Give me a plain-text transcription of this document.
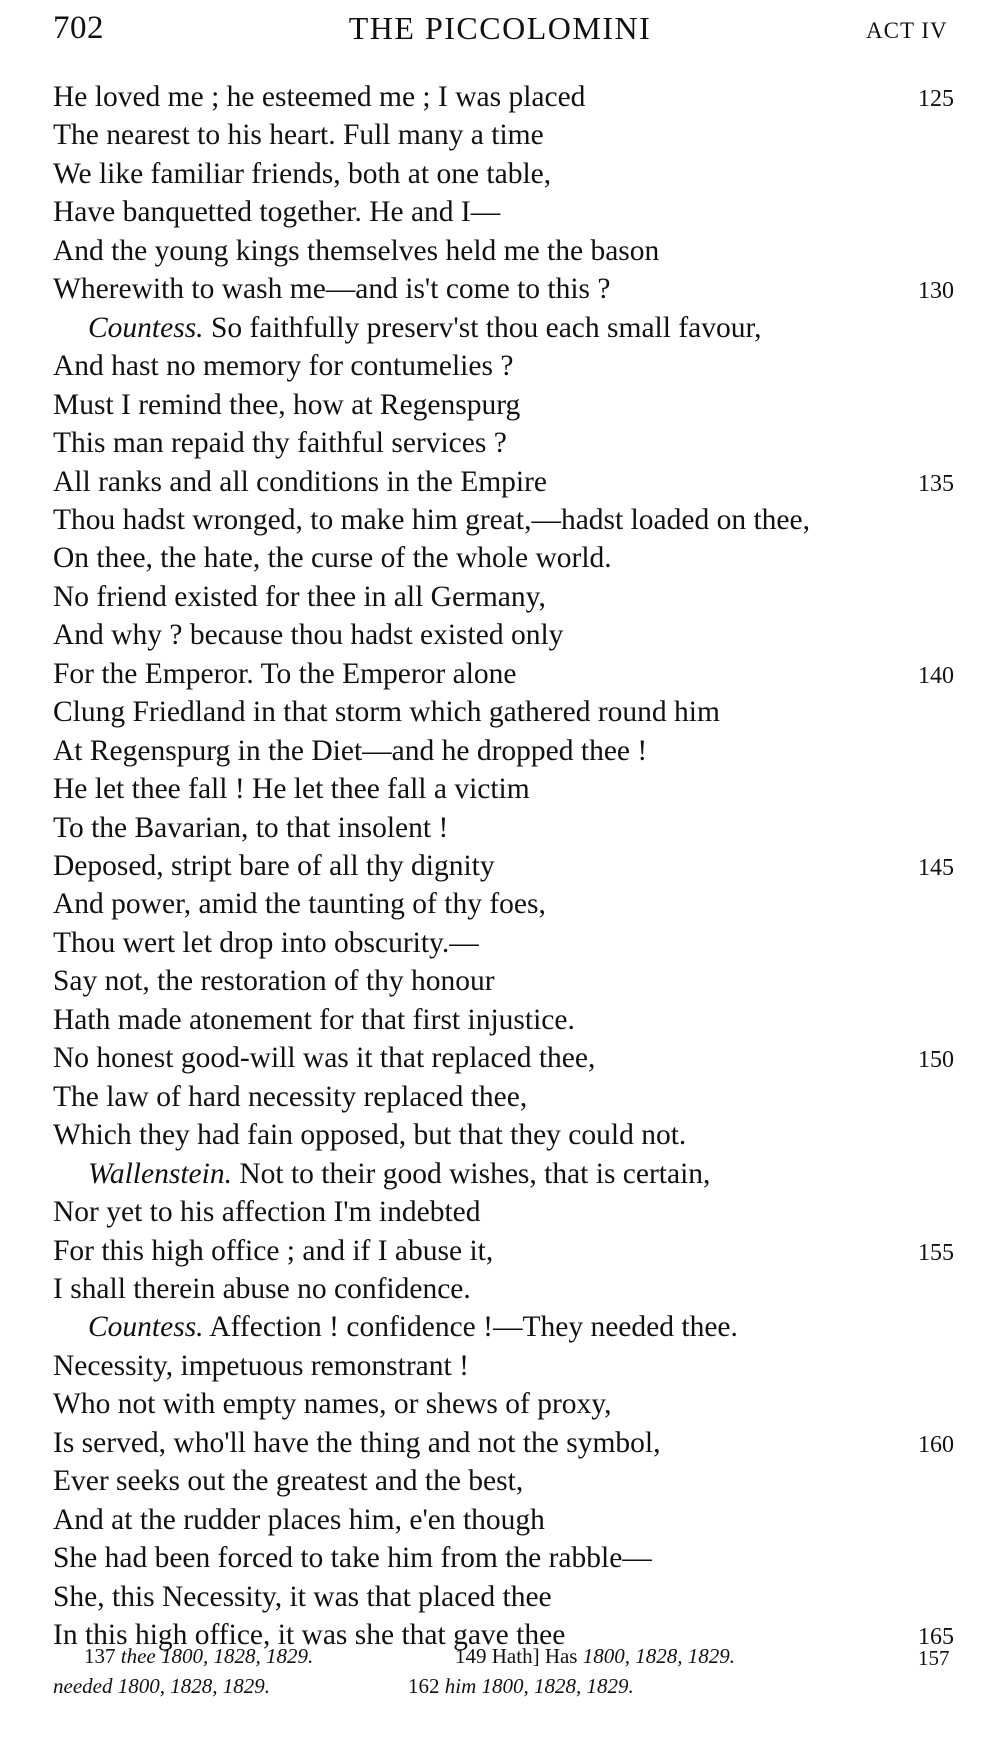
702	THE PICCOLOMINI	ACT IV
He loved me ; he esteemed me ; I was placed	125
The nearest to his heart. Full many a time
We like familiar friends, both at one table,
Have banquetted together. He and I—
And the young kings themselves held me the bason
Wherewith to wash me—and is't come to this ?	130
Countess. So faithfully preserv'st thou each small favour,
And hast no memory for contumelies ?
Must I remind thee, how at Regenspurg
This man repaid thy faithful services ?
All ranks and all conditions in the Empire	135
Thou hadst wronged, to make him great,—hadst loaded on thee,
On thee, the hate, the curse of the whole world.
No friend existed for thee in all Germany,
And why ? because thou hadst existed only
For the Emperor. To the Emperor alone	140
Clung Friedland in that storm which gathered round him
At Regenspurg in the Diet—and he dropped thee !
He let thee fall ! He let thee fall a victim
To the Bavarian, to that insolent !
Deposed, stript bare of all thy dignity	145
And power, amid the taunting of thy foes,
Thou wert let drop into obscurity.—
Say not, the restoration of thy honour
Hath made atonement for that first injustice.
No honest good-will was it that replaced thee,	150
The law of hard necessity replaced thee,
Which they had fain opposed, but that they could not.
Wallenstein. Not to their good wishes, that is certain,
Nor yet to his affection I'm indebted
For this high office ; and if I abuse it,	155
I shall therein abuse no confidence.
Countess. Affection ! confidence !—They needed thee.
Necessity, impetuous remonstrant !
Who not with empty names, or shews of proxy,
Is served, who'll have the thing and not the symbol,	160
Ever seeks out the greatest and the best,
And at the rudder places him, e'en though
She had been forced to take him from the rabble—
She, this Necessity, it was that placed thee
In this high office, it was she that gave thee	165
137 thee 1800, 1828, 1829.	149 Hath] Has 1800, 1828, 1829.	157
needed 1800, 1828, 1829.	162 him 1800, 1828, 1829.
